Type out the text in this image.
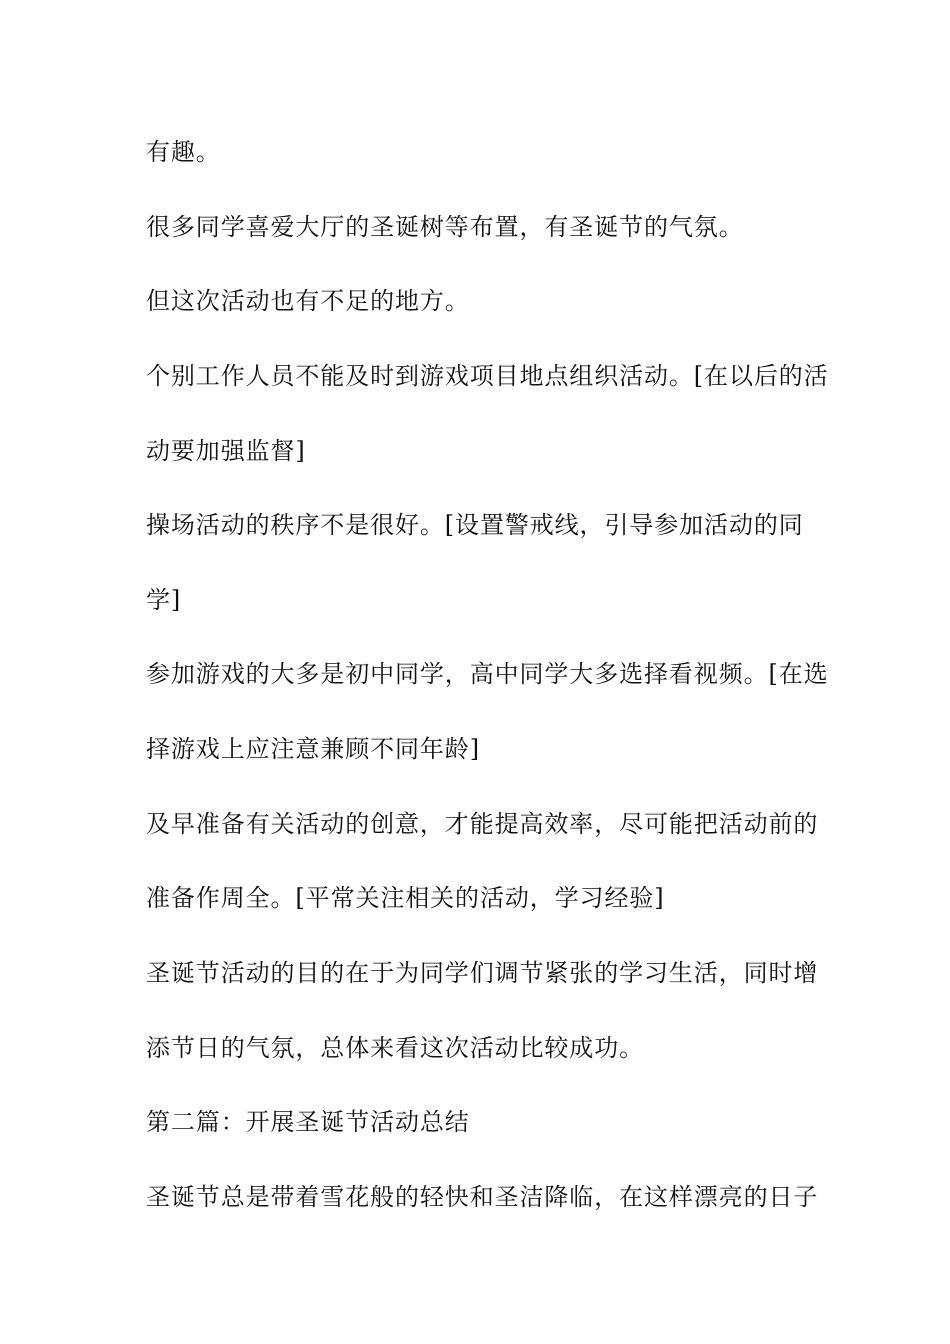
有趣。
很多同学喜爱大厅的圣诞树等布置，有圣诞节的气氛。
但这次活动也有不足的地方。
个别工作人员不能及时到游戏项目地点组织活动。[在以后的活
动要加强监督]
操场活动的秩序不是很好。[设置警戒线，引导参加活动的同
学]
参加游戏的大多是初中同学，高中同学大多选择看视频。[在选
择游戏上应注意兼顾不同年龄]
及早准备有关活动的创意，才能提高效率，尽可能把活动前的
准备作周全。[平常关注相关的活动，学习经验]
圣诞节活动的目的在于为同学们调节紧张的学习生活，同时增
添节日的气氛，总体来看这次活动比较成功。
第二篇：开展圣诞节活动总结
圣诞节总是带着雪花般的轻快和圣洁降临，在这样漂亮的日子
